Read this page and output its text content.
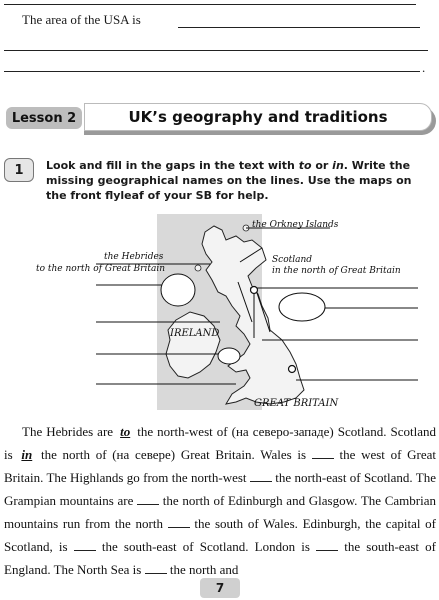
The area of the USA is
.
UK’s geography and traditions
Lesson 2
1	Look and fill in the gaps in the text with to or in. Write the missing geographical names on the lines. Use the maps on the front flyleaf of your SB for help.
the Orkney Islands
the Hebrides
to the north of Great Britain
Scotland
in the north of Great Britain
IRELAND
GREAT BRITAIN
The Hebrides are to the north-west of (на северо-западе) Scotland. Scotland is in the north of (на севере) Great Britain. Wales is	the west of Great Britain. The Highlands go from the north-west the north-east of Scotland. The Grampian mountains are the north of Edinburgh and Glasgow. The Cambrian mountains run from the north the south of Wales. Edinburgh, the capital of Scotland, is	the south-east of Scotland. London is	the south-east of England. The North Sea is the north and
7
